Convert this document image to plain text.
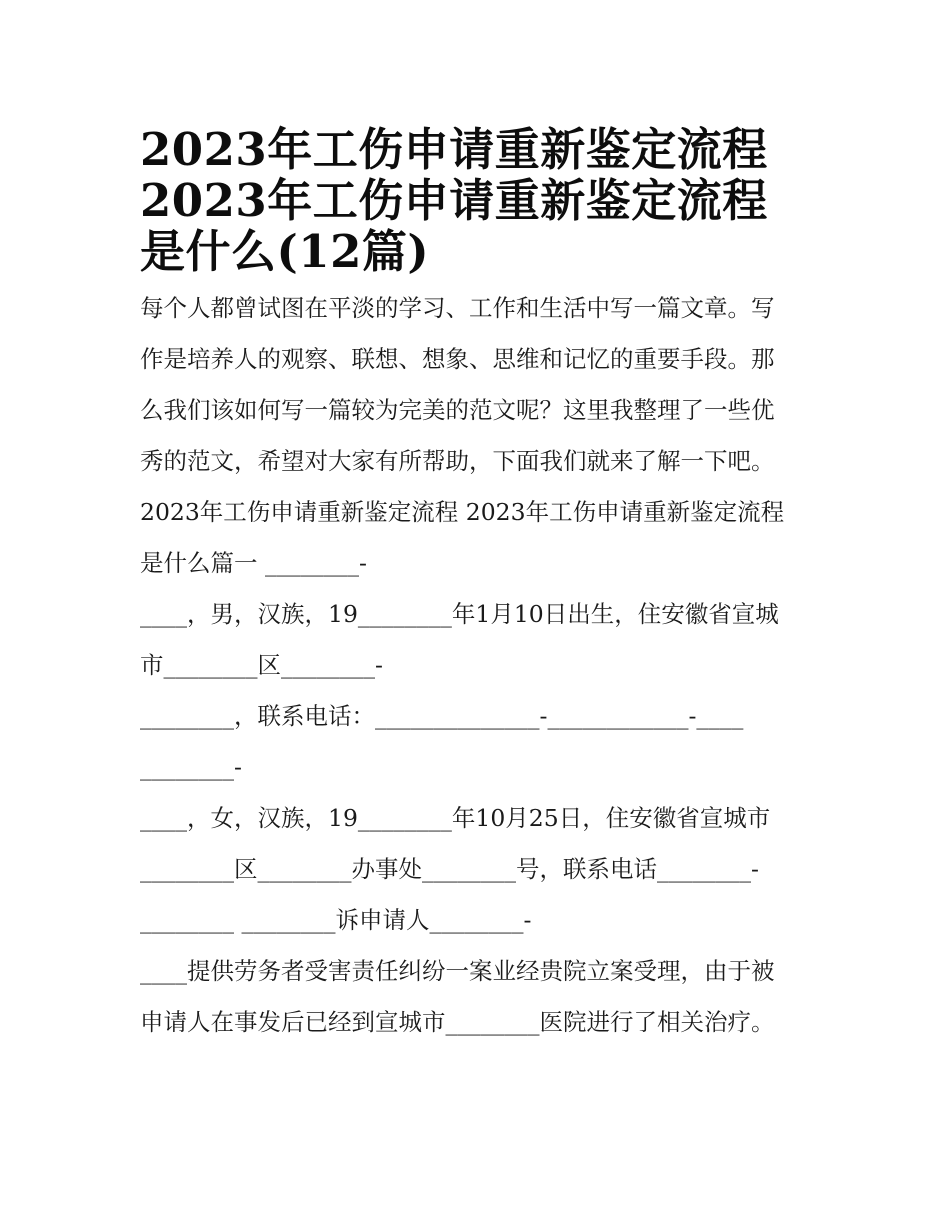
2023年工伤申请重新鉴定流程
2023年工伤申请重新鉴定流程
是什么(12篇)
每个人都曾试图在平淡的学习、工作和生活中写一篇文章。写
作是培养人的观察、联想、想象、思维和记忆的重要手段。那
么我们该如何写一篇较为完美的范文呢？这里我整理了一些优
秀的范文，希望对大家有所帮助，下面我们就来了解一下吧。
2023年工伤申请重新鉴定流程 2023年工伤申请重新鉴定流程
是什么篇一 ________-
____，男，汉族，19________年1月10日出生，住安徽省宣城
市________区________-
________，联系电话：______________-____________-____
________-
____，女，汉族，19________年10月25日，住安徽省宣城市
________区________办事处________号，联系电话________-
________ ________诉申请人________-
____提供劳务者受害责任纠纷一案业经贵院立案受理，由于被
申请人在事发后已经到宣城市________医院进行了相关治疗。
